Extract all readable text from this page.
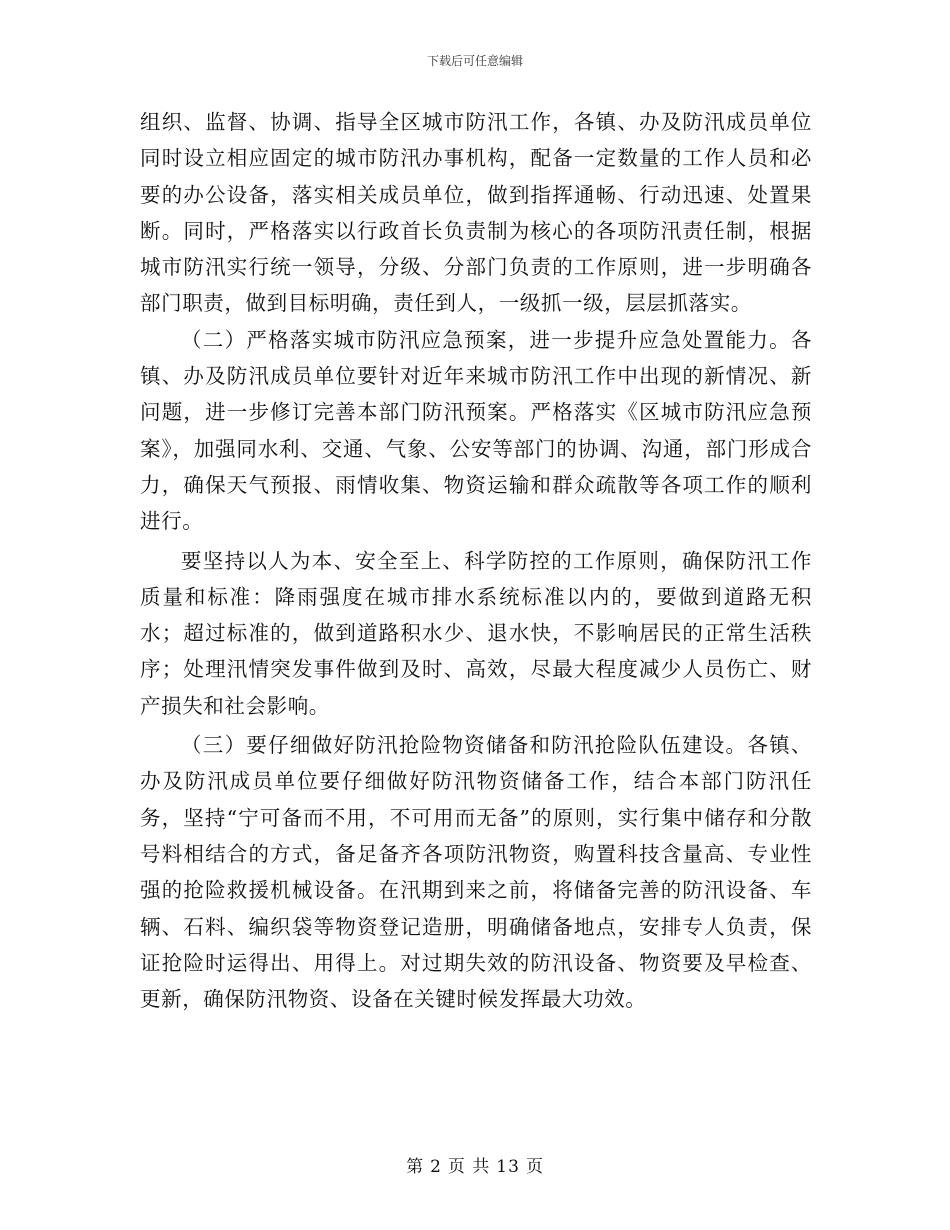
下载后可任意编辑

组织、监督、协调、指导全区城市防汛工作，各镇、办及防汛成员单位同时设立相应固定的城市防汛办事机构，配备一定数量的工作人员和必要的办公设备，落实相关成员单位，做到指挥通畅、行动迅速、处置果断。同时，严格落实以行政首长负责制为核心的各项防汛责任制，根据城市防汛实行统一领导，分级、分部门负责的工作原则，进一步明确各部门职责，做到目标明确，责任到人，一级抓一级，层层抓落实。

（二）严格落实城市防汛应急预案，进一步提升应急处置能力。各镇、办及防汛成员单位要针对近年来城市防汛工作中出现的新情况、新问题，进一步修订完善本部门防汛预案。严格落实《区城市防汛应急预案》，加强同水利、交通、气象、公安等部门的协调、沟通，部门形成合力，确保天气预报、雨情收集、物资运输和群众疏散等各项工作的顺利进行。

要坚持以人为本、安全至上、科学防控的工作原则，确保防汛工作质量和标准：降雨强度在城市排水系统标准以内的，要做到道路无积水；超过标准的，做到道路积水少、退水快，不影响居民的正常生活秩序；处理汛情突发事件做到及时、高效，尽最大程度减少人员伤亡、财产损失和社会影响。

（三）要仔细做好防汛抢险物资储备和防汛抢险队伍建设。各镇、办及防汛成员单位要仔细做好防汛物资储备工作，结合本部门防汛任务，坚持“宁可备而不用，不可用而无备”的原则，实行集中储存和分散号料相结合的方式，备足备齐各项防汛物资，购置科技含量高、专业性强的抢险救援机械设备。在汛期到来之前，将储备完善的防汛设备、车辆、石料、编织袋等物资登记造册，明确储备地点，安排专人负责，保证抢险时运得出、用得上。对过期失效的防汛设备、物资要及早检查、更新，确保防汛物资、设备在关键时候发挥最大功效。

第 2 页 共 13 页
